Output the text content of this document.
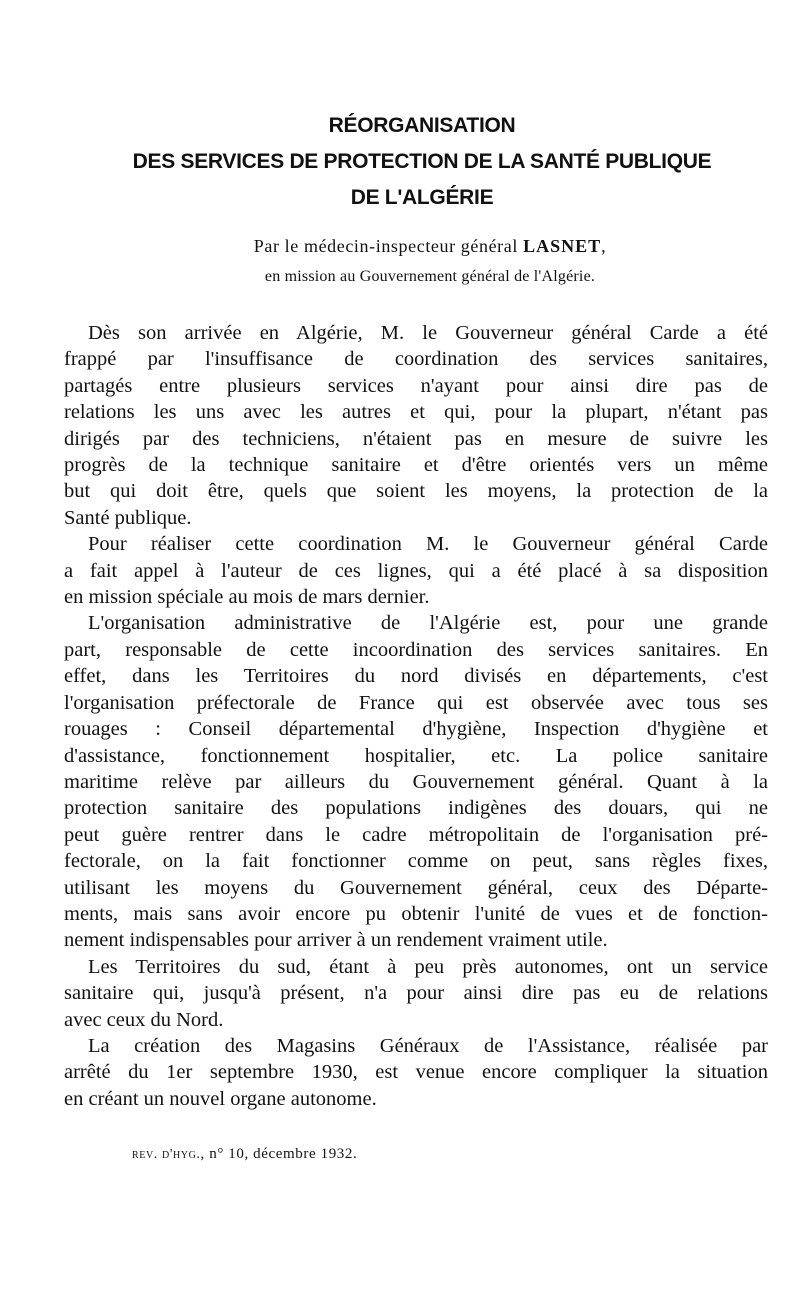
RÉORGANISATION
DES SERVICES DE PROTECTION DE LA SANTÉ PUBLIQUE
DE L'ALGÉRIE
Par le médecin-inspecteur général LASNET,
en mission au Gouvernement général de l'Algérie.

Dès son arrivée en Algérie, M. le Gouverneur général Carde a été
frappé par l'insuffisance de coordination des services sanitaires,
partagés entre plusieurs services n'ayant pour ainsi dire pas de
relations les uns avec les autres et qui, pour la plupart, n'étant pas
dirigés par des techniciens, n'étaient pas en mesure de suivre les
progrès de la technique sanitaire et d'être orientés vers un même
but qui doit être, quels que soient les moyens, la protection de la
Santé publique.

Pour réaliser cette coordination M. le Gouverneur général Carde
a fait appel à l'auteur de ces lignes, qui a été placé à sa disposition
en mission spéciale au mois de mars dernier.

L'organisation administrative de l'Algérie est, pour une grande
part, responsable de cette incoordination des services sanitaires. En
effet, dans les Territoires du nord divisés en départements, c'est
l'organisation préfectorale de France qui est observée avec tous ses
rouages : Conseil départemental d'hygiène, Inspection d'hygiène et
d'assistance, fonctionnement hospitalier, etc. La police sanitaire
maritime relève par ailleurs du Gouvernement général. Quant à la
protection sanitaire des populations indigènes des douars, qui ne
peut guère rentrer dans le cadre métropolitain de l'organisation pré-
fectorale, on la fait fonctionner comme on peut, sans règles fixes,
utilisant les moyens du Gouvernement général, ceux des Départe-
ments, mais sans avoir encore pu obtenir l'unité de vues et de fonction-
nement indispensables pour arriver à un rendement vraiment utile.

Les Territoires du sud, étant à peu près autonomes, ont un service
sanitaire qui, jusqu'à présent, n'a pour ainsi dire pas eu de relations
avec ceux du Nord.

La création des Magasins Généraux de l'Assistance, réalisée par
arrêté du 1er septembre 1930, est venue encore compliquer la situation
en créant un nouvel organe autonome.

rev. d'hyg., n° 10, décembre 1932.
